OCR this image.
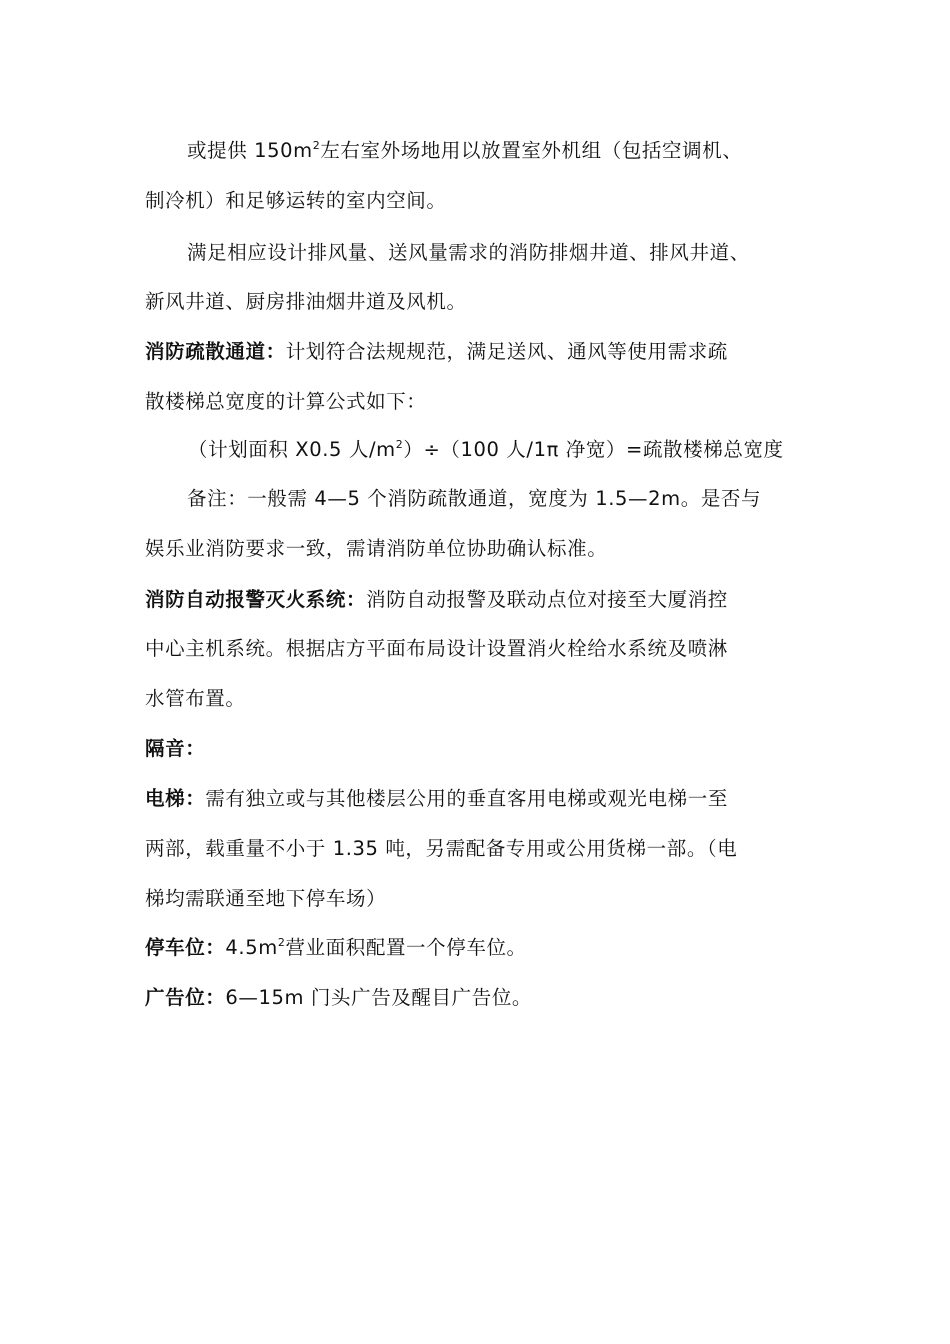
或提供 $150m^2$左右室外场地用以放置室外机组（包括空调机、
制冷机）和足够运转的室内空间。
满足相应设计排风量、送风量需求的消防排烟井道、排风井道、
新风井道、厨房排油烟井道及风机。
消防疏散通道：计划符合法规规范，满足送风、通风等使用需求疏
散楼梯总宽度的计算公式如下：
（计划面积 X0.5 人$/m^2)\div(100$ 人/1π 净宽）=疏散楼梯总宽度
备注：一般需 4—5 个消防疏散通道，宽度为 1.5—2m。是否与
娱乐业消防要求一致，需请消防单位协助确认标准。
消防自动报警灭火系统：消防自动报警及联动点位对接至大厦消控
中心主机系统。根据店方平面布局设计设置消火栓给水系统及喷淋
水管布置。
隔音：
电梯：需有独立或与其他楼层公用的垂直客用电梯或观光电梯一至
两部，载重量不小于 1.35 吨，另需配备专用或公用货梯一部。（电
梯均需联通至地下停车场）
停车位：$4.5m^2$营业面积配置一个停车位。
广告位：6—15m 门头广告及醒目广告位。
